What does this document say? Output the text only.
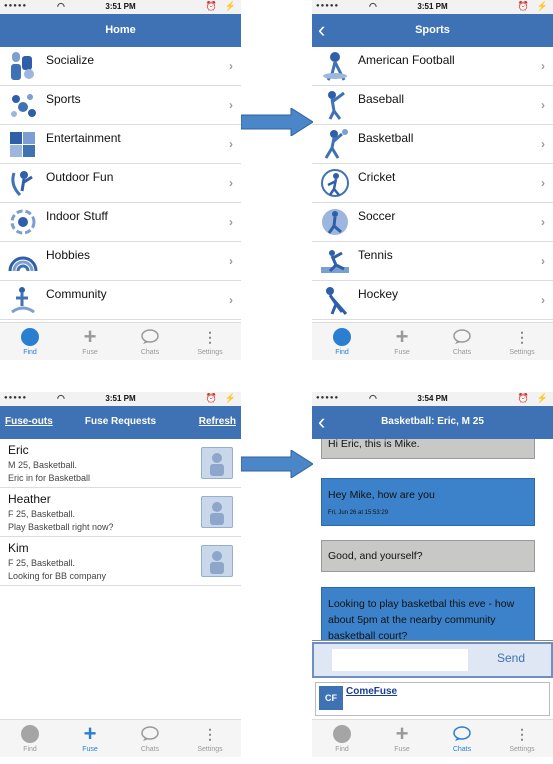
●●●●●	◠	3:51 PM	⏰ ⚡
Home
Socialize	›
Sports	›
Entertainment	›
Outdoor Fun	›
Indoor Stuff	›
Hobbies	›
Community	›
Find
+
Fuse	Chats
⋮
Settings
●●●●●	◠	3:51 PM	⏰ ⚡
‹	Sports
American Football	›
Baseball	›
Basketball	›
Cricket	›
Soccer	›
Tennis	›
Hockey	›
Find
+
Fuse	Chats
⋮
Settings
●●●●●	◠	3:51 PM	⏰ ⚡
Fuse-outs	Fuse Requests	Refresh
Eric
M 25, Basketball.
Eric in for Basketball
Heather
F 25, Basketball.
Play Basketball right now?
Kim
F 25, Basketball.
Looking for BB company
Find
+
Fuse	Chats
⋮
Settings
●●●●●	◠	3:54 PM	⏰ ⚡
‹	Basketball: Eric, M 25
Hi Eric, this is Mike.
Hey Mike, how are you
Fri, Jun 26 at 15:53:29
Good, and yourself?
Looking to play basketbal this eve - how about 5pm at the nearby community basketball court?
Send
CF
ComeFuse
Find
+
Fuse	Chats
⋮
Settings
